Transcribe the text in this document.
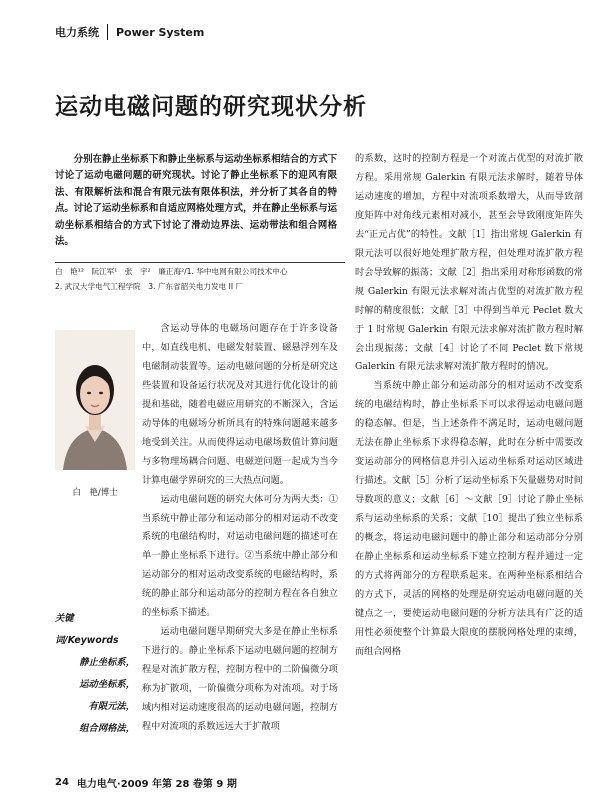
电力系统 Power System
运动电磁问题的研究现状分析
分别在静止坐标系下和静止坐标系与运动坐标系相结合的方式下讨论了运动电磁问题的研究现状。讨论了静止坐标系下的迎风有限法、有限解析法和混合有限元法有限体积法，并分析了其各自的特点。讨论了运动坐标系和自适应网格处理方式，并在静止坐标系与运动坐标系相结合的方式下讨论了滑动边界法、运动带法和组合网格法。
白　艳¹²　阮江军¹　张　宇²　廉正海²/1. 华中电网有限公司技术中心
2. 武汉大学电气工程学院　3. 广东省韶关电力发电 II 厂
白　艳/博士
关键词/Keywords
静止坐标系，
运动坐标系，
有限元法，
组合网格法，

含运动导体的电磁场问题存在于许多设备中，如直线电机、电磁发射装置、磁悬浮列车及电磁制动装置等。运动电磁问题的分析是研究这些装置和设备运行状况及对其进行优化设计的前提和基础，随着电磁应用研究的不断深入，含运动导体的电磁场分析所具有的特殊问题越来越多地受到关注。从而使得运动电磁场数值计算问题与多物理场耦合问题、电磁逆问题一起成为当今计算电磁学界研究的三大热点问题。

运动电磁问题的研究大体可分为两大类：①当系统中静止部分和运动部分的相对运动不改变系统的电磁结构时，对运动电磁问题的描述可在单一静止坐标系下进行。②当系统中静止部分和运动部分的相对运动改变系统的电磁结构时，系统的静止部分和运动部分的控制方程在各自独立的坐标系下描述。

运动电磁问题早期研究大多是在静止坐标系下进行的。静止坐标系下运动电磁问题的控制方程是对流扩散方程，控制方程中的二阶偏微分项称为扩散项，一阶偏微分项称为对流项。对于场域内相对运动速度很高的运动电磁问题，控制方程中对流项的系数远远大于扩散项

的系数，这时的控制方程是一个对流占优型的对流扩散方程。采用常规 Galerkin 有限元法求解时，随着导体运动速度的增加，方程中对流项系数增大，从而导致剖度矩阵中对角线元素相对减小，甚至会导致刚度矩阵失去“正元占优”的特性。文献［1］指出常规 Galerkin 有限元法可以很好地处理扩散方程，但处理对流扩散方程时会导致解的振荡；文献［2］指出采用对称形函数的常规 Galerkin 有限元法求解对流占优型的对流扩散方程时解的精度很低；文献［3］中得到当单元 Peclet 数大于 1 时常规 Galerkin 有限元法求解对流扩散方程时解会出现振荡；文献［4］讨论了不同 Peclet 数下常规 Galerkin 有限元法求解对流扩散方程时的情况。

当系统中静止部分和运动部分的相对运动不改变系统的电磁结构时，静止坐标系下可以求得运动电磁问题的稳态解。但是，当上述条件不满足时，运动电磁问题无法在静止坐标系下求得稳态解，此时在分析中需要改变运动部分的网格信息并引入运动坐标系对运动区域进行描述。文献［5］分析了运动坐标系下矢量磁势对时间导数项的意义；文献［6］～文献［9］讨论了静止坐标系与运动坐标系的关系；文献［10］提出了独立坐标系的概念，将运动电磁问题中的静止部分和运动部分分别在静止坐标系和运动坐标系下建立控制方程并通过一定的方式将两部分的方程联系起来。在两种坐标系相结合的方式下，灵活的网格的处理是研究运动电磁问题的关键点之一，要使运动电磁问题的分析方法具有广泛的适用性必须使整个计算最大限度的摆脱网格处理的束缚，而组合网格

24 电力电气·2009 年第 28 卷第 9 期
